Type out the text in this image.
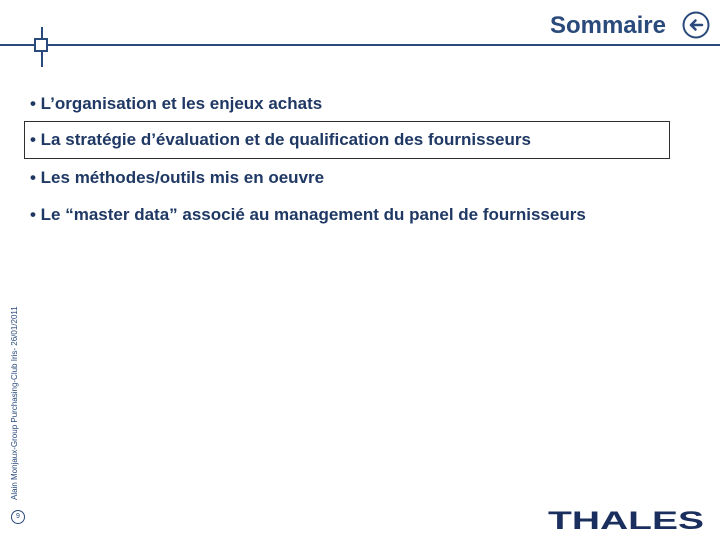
Sommaire
• L’organisation et les enjeux achats
• La stratégie d’évaluation et de qualification des fournisseurs
• Les méthodes/outils mis en oeuvre
• Le “master data” associé au management du panel de fournisseurs
Alain Monjaux-Group Purchasing-Club Iris- 26/01/2011
9	THALES
